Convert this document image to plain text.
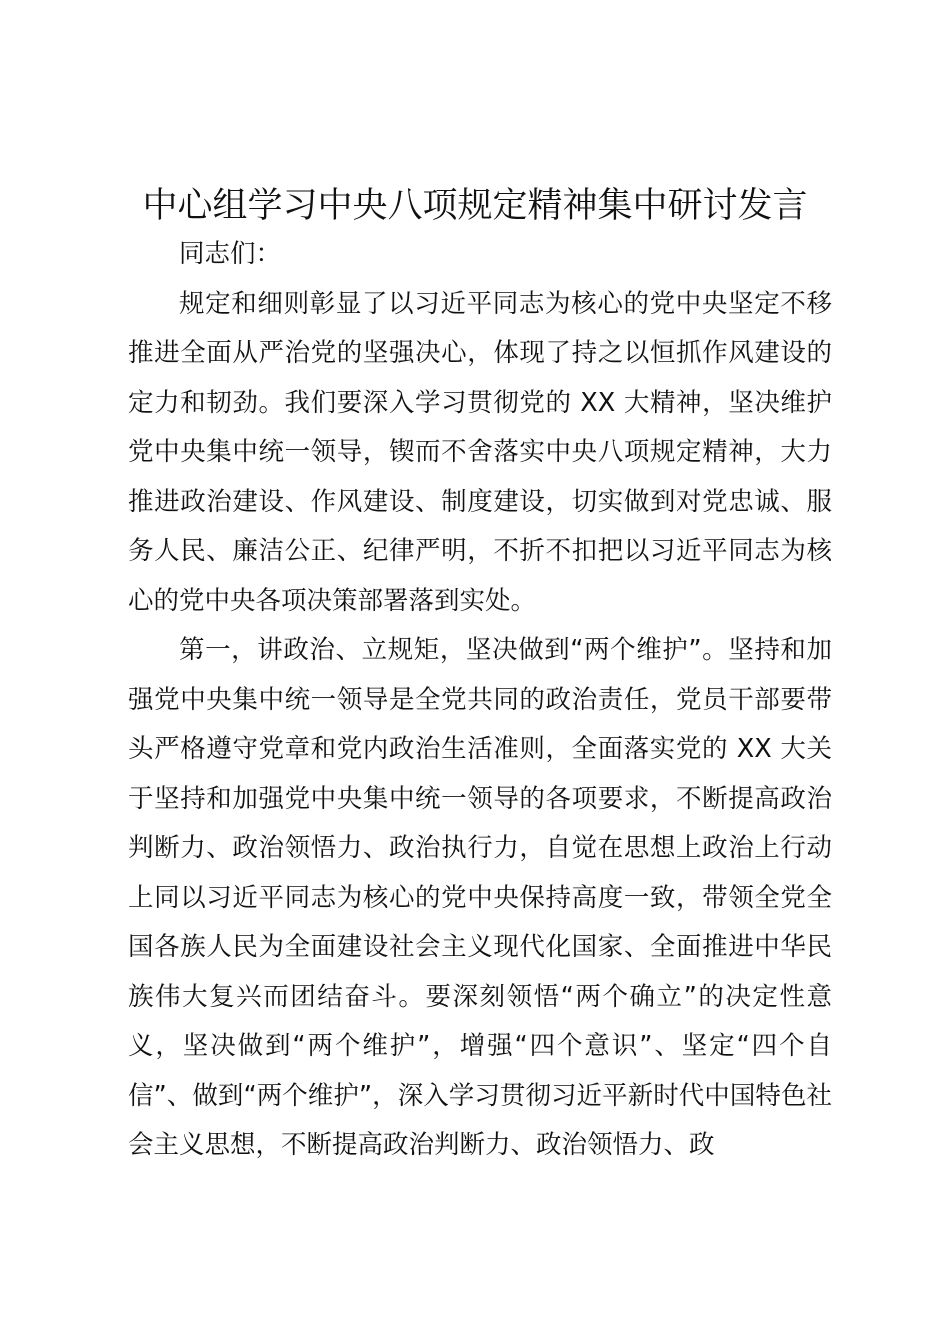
中心组学习中央八项规定精神集中研讨发言

同志们：

规定和细则彰显了以习近平同志为核心的党中央坚定不移推进全面从严治党的坚强决心，体现了持之以恒抓作风建设的定力和韧劲。我们要深入学习贯彻党的 XX 大精神，坚决维护党中央集中统一领导，锲而不舍落实中央八项规定精神，大力推进政治建设、作风建设、制度建设，切实做到对党忠诚、服务人民、廉洁公正、纪律严明，不折不扣把以习近平同志为核心的党中央各项决策部署落到实处。

第一，讲政治、立规矩，坚决做到“两个维护”。坚持和加强党中央集中统一领导是全党共同的政治责任，党员干部要带头严格遵守党章和党内政治生活准则，全面落实党的 XX 大关于坚持和加强党中央集中统一领导的各项要求，不断提高政治判断力、政治领悟力、政治执行力，自觉在思想上政治上行动上同以习近平同志为核心的党中央保持高度一致，带领全党全国各族人民为全面建设社会主义现代化国家、全面推进中华民族伟大复兴而团结奋斗。要深刻领悟“两个确立”的决定性意义，坚决做到“两个维护”，增强“四个意识”、坚定“四个自信”、做到“两个维护”，深入学习贯彻习近平新时代中国特色社会主义思想，不断提高政治判断力、政治领悟力、政
